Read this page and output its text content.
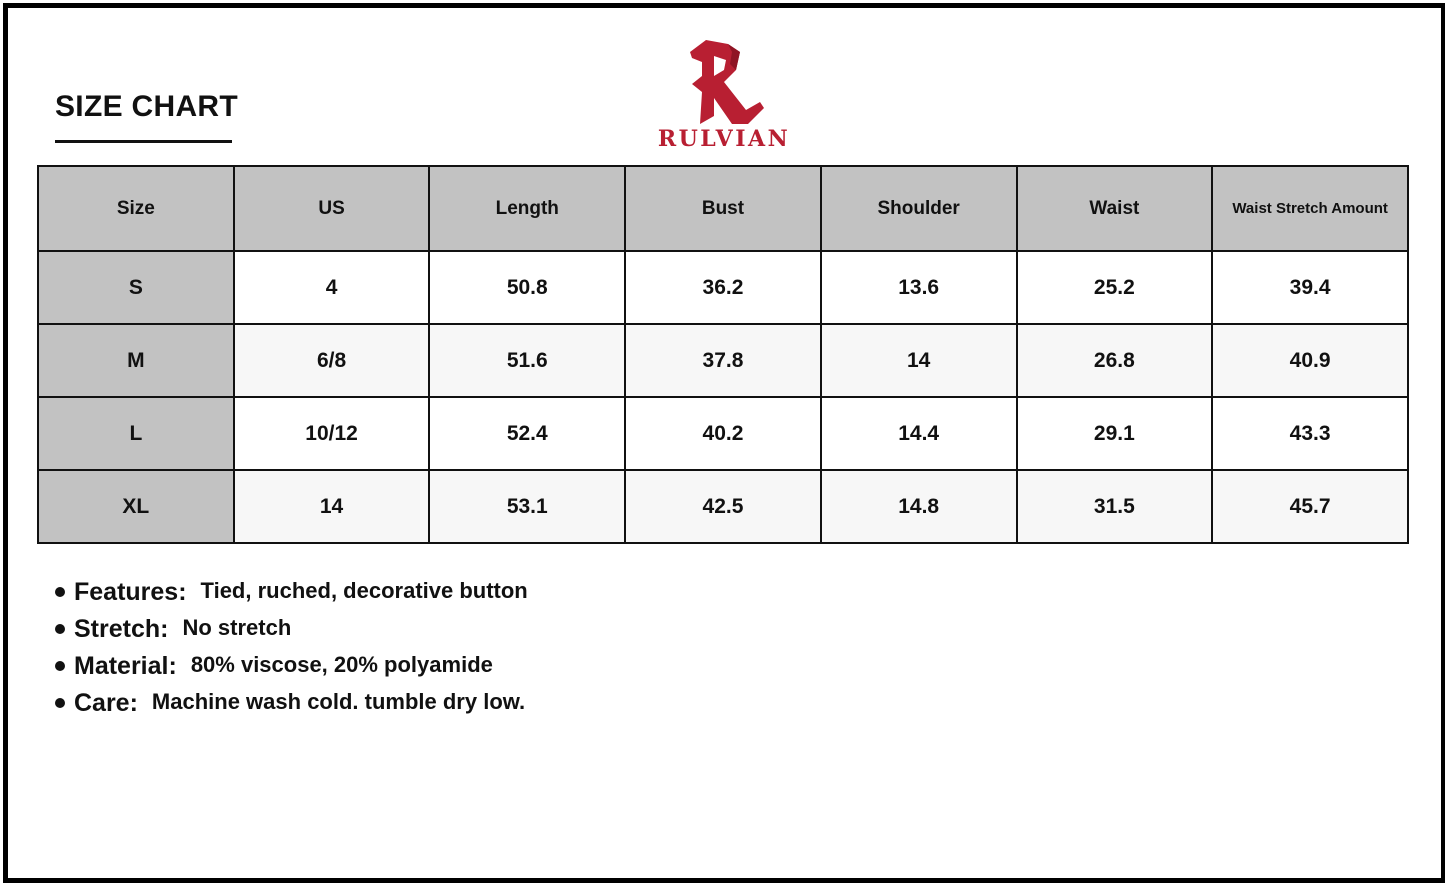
SIZE CHART
RULVIAN
Size	US	Length	Bust	Shoulder	Waist	Waist Stretch Amount
S	4	50.8	36.2	13.6	25.2	39.4
M	6/8	51.6	37.8	14	26.8	40.9
L	10/12	52.4	40.2	14.4	29.1	43.3
XL	14	53.1	42.5	14.8	31.5	45.7
Features: Tied, ruched, decorative button
Stretch: No stretch
Material: 80% viscose, 20% polyamide
Care: Machine wash cold. tumble dry low.
